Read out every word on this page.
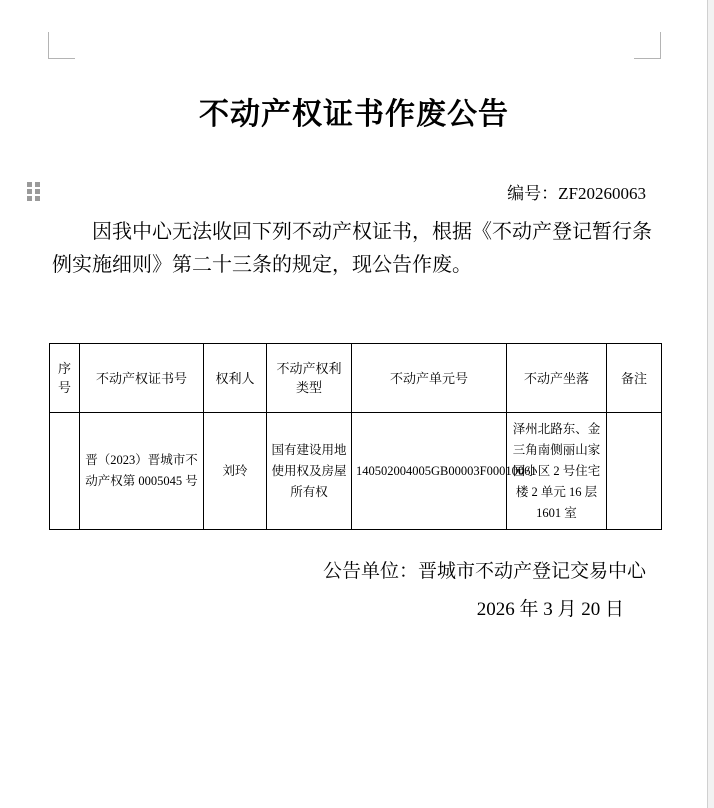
不动产权证书作废公告
编号：ZF20260063
因我中心无法收回下列不动产权证书，根据《不动产登记暂行条例实施细则》第二十三条的规定，现公告作废。
序号	不动产权证书号	权利人	不动产权利类型	不动产单元号	不动产坐落	备注
	晋（2023）晋城市不动产权第 0005045 号	刘玲	国有建设用地使用权及房屋所有权	140502004005GB00003F00010061	泽州北路东、金三角南侧丽山家园小区 2 号住宅楼 2 单元 16 层 1601 室	
公告单位：晋城市不动产登记交易中心
2026 年 3 月 20 日
